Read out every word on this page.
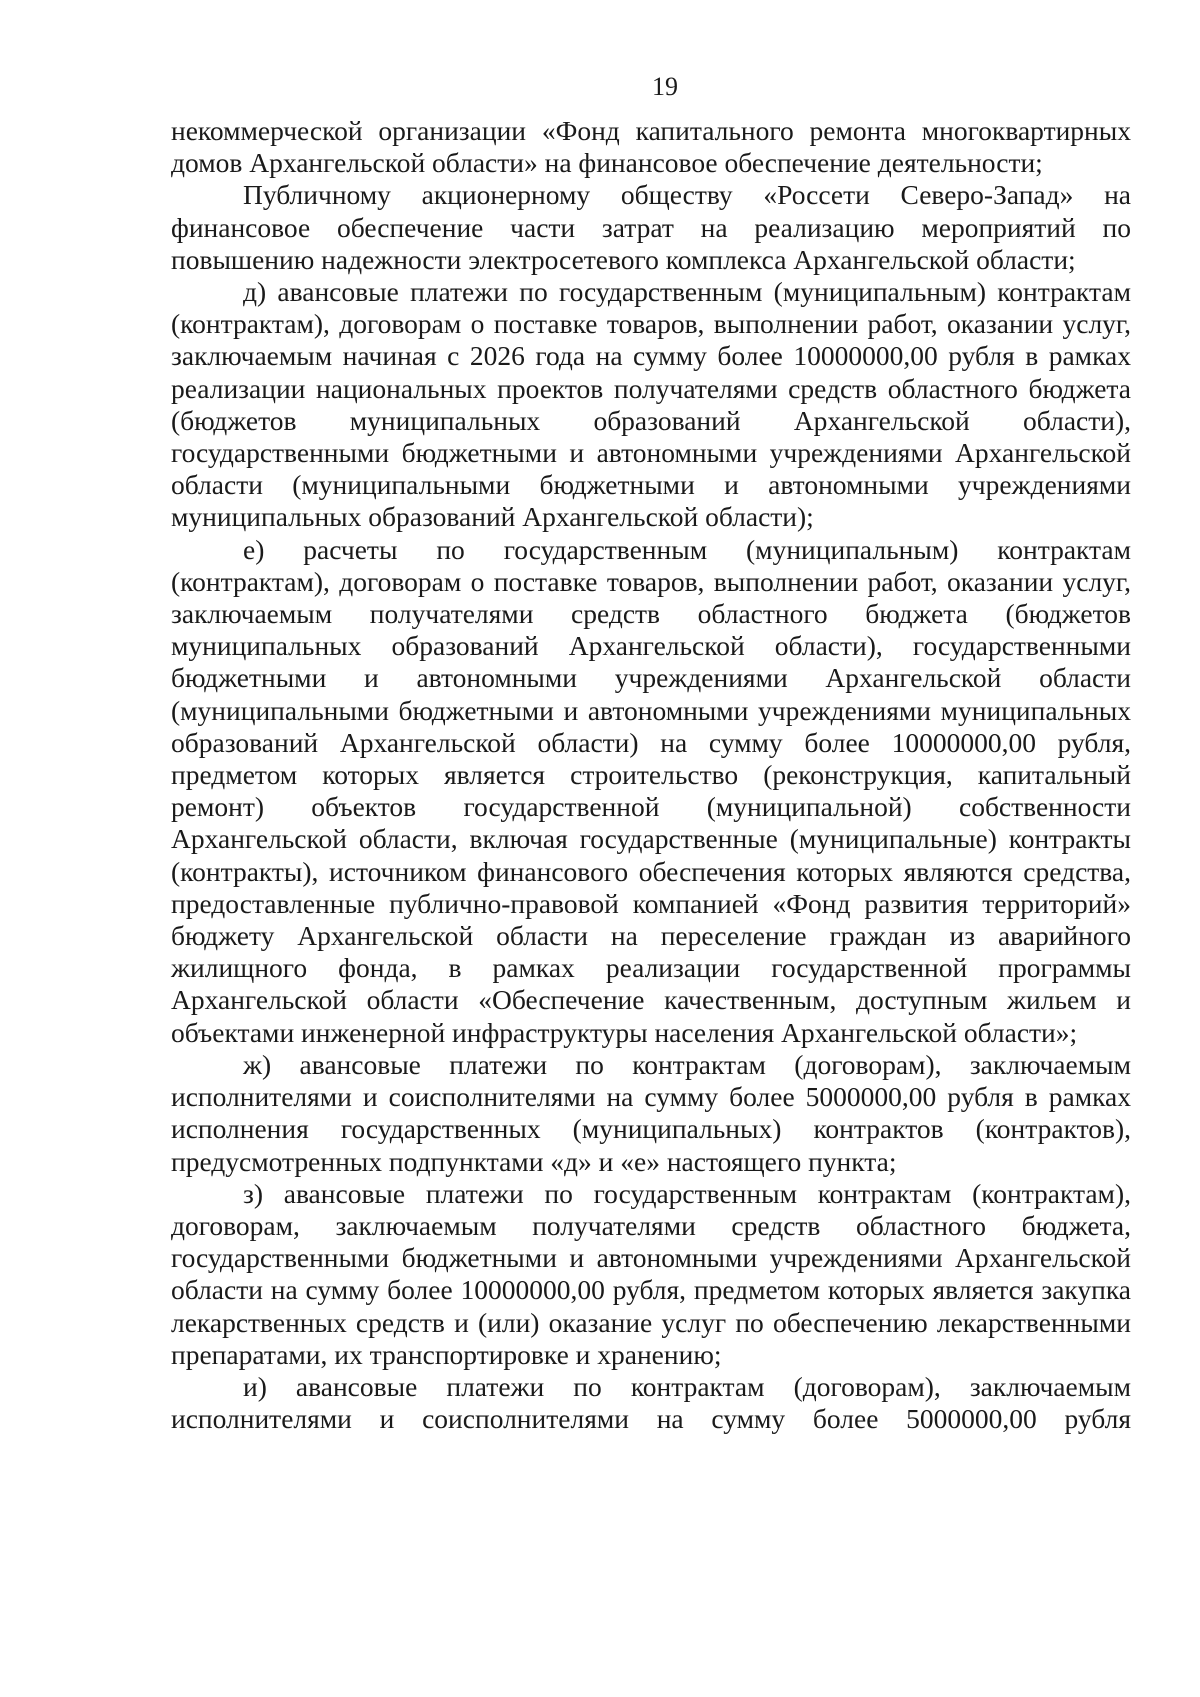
19

некоммерческой организации «Фонд капитального ремонта многоквартирных домов Архангельской области» на финансовое обеспечение деятельности;

Публичному акционерному обществу «Россети Северо-Запад» на финансовое обеспечение части затрат на реализацию мероприятий по повышению надежности электросетевого комплекса Архангельской области;

д) авансовые платежи по государственным (муниципальным) контрактам (контрактам), договорам о поставке товаров, выполнении работ, оказании услуг, заключаемым начиная с 2026 года на сумму более 10000000,00 рубля в рамках реализации национальных проектов получателями средств областного бюджета (бюджетов муниципальных образований Архангельской области), государственными бюджетными и автономными учреждениями Архангельской области (муниципальными бюджетными и автономными учреждениями муниципальных образований Архангельской области);

е) расчеты по государственным (муниципальным) контрактам (контрактам), договорам о поставке товаров, выполнении работ, оказании услуг, заключаемым получателями средств областного бюджета (бюджетов муниципальных образований Архангельской области), государственными бюджетными и автономными учреждениями Архангельской области (муниципальными бюджетными и автономными учреждениями муниципальных образований Архангельской области) на сумму более 10000000,00 рубля, предметом которых является строительство (реконструкция, капитальный ремонт) объектов государственной (муниципальной) собственности Архангельской области, включая государственные (муниципальные) контракты (контракты), источником финансового обеспечения которых являются средства, предоставленные публично-правовой компанией «Фонд развития территорий» бюджету Архангельской области на переселение граждан из аварийного жилищного фонда, в рамках реализации государственной программы Архангельской области «Обеспечение качественным, доступным жильем и объектами инженерной инфраструктуры населения Архангельской области»;

ж) авансовые платежи по контрактам (договорам), заключаемым исполнителями и соисполнителями на сумму более 5000000,00 рубля в рамках исполнения государственных (муниципальных) контрактов (контрактов), предусмотренных подпунктами «д» и «е» настоящего пункта;

з) авансовые платежи по государственным контрактам (контрактам), договорам, заключаемым получателями средств областного бюджета, государственными бюджетными и автономными учреждениями Архангельской области на сумму более 10000000,00 рубля, предметом которых является закупка лекарственных средств и (или) оказание услуг по обеспечению лекарственными препаратами, их транспортировке и хранению;

и) авансовые платежи по контрактам (договорам), заключаемым исполнителями и соисполнителями на сумму более 5000000,00 рубля
